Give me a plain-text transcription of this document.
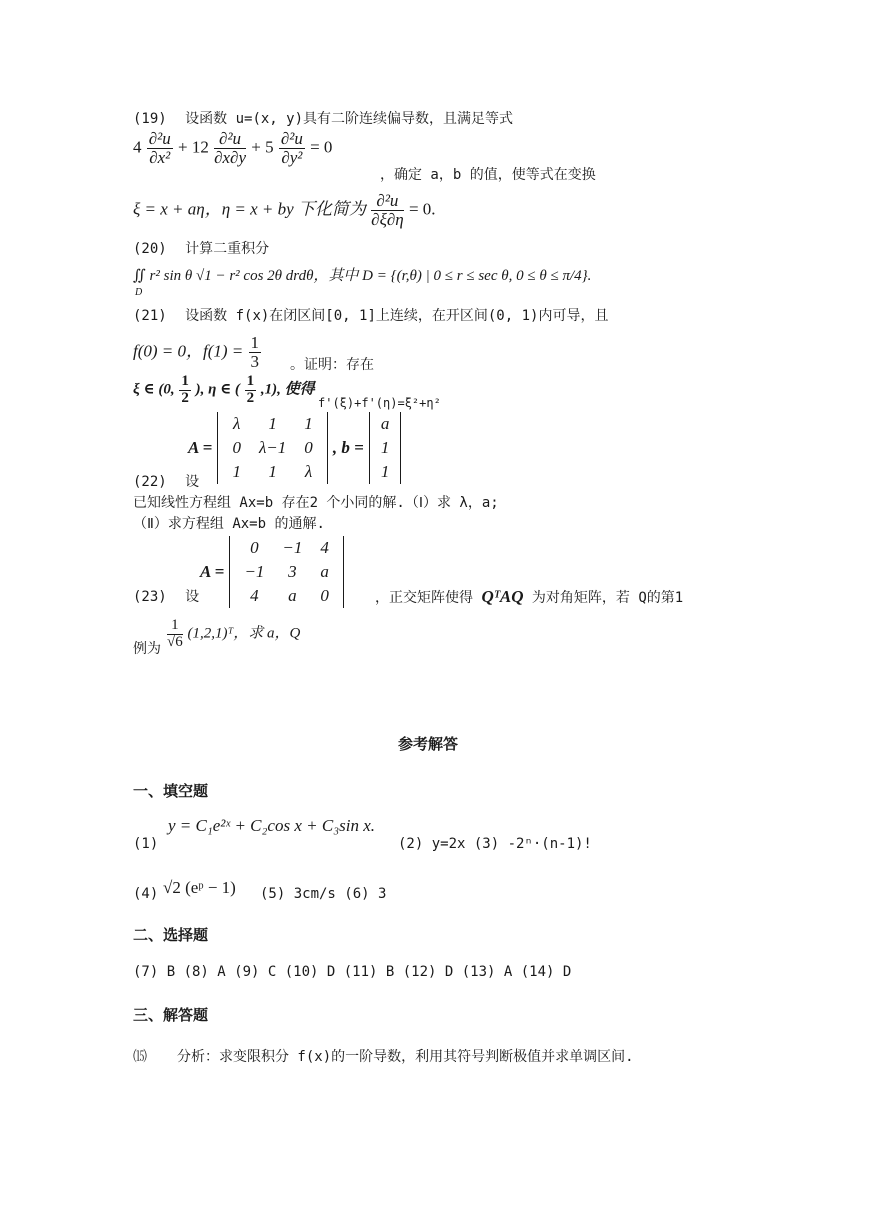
(19) 设函数 u=(x, y)具有二阶连续偏导数，且满足等式
$4 \frac{\text{∂²u}}{\text{∂x²}} + 12 \frac{\text{∂²u}}{\partial x\partial y} + 5 \frac{\text{∂²u}}{\text{∂y²}} = 0$
，确定 a，b 的值，使等式在变换
ξ = x + aη，η = x + by 下化简为 $\frac{\text{∂²u}}{\partial\xi\partial\eta} = 0$.
(20) 计算二重积分
∬ r² sin θ √1 − r² cos 2θ drdθ，其中 D = {(r,θ) | 0 ≤ r ≤ sec θ, 0 ≤ θ ≤ π/4}.
D
(21) 设函数 f(x)在闭区间[0, 1]上连续，在开区间(0, 1)内可导，且
f(0) = 0，$f(1) = \frac{1}{3}$ 。证明：存在
ξ ∈ (0, $\frac{1}{2}$ ), η ∈ ( $\frac{1}{2} ,1$), 使得
f'(ξ)+f'(η)=ξ²+η²
A =
λ	1	1
0	λ−1	0
1	1	λ
, b =
a
1
1
(22) 设
已知线性方程组 Ax=b 存在2 个小同的解.（Ⅰ）求 λ，a;
（Ⅱ）求方程组 Ax=b 的通解.
(23) 设
A =
0	−1	4
−1	3	a
4	a	0	，正交矩阵使得 QᵀAQ 为对角矩阵，若 Q的第1
$\frac{1}{√6}$ (1,2,1)ᵀ，求 a，Q
例为
参考解答
一、填空题
y = C₁e²ˣ + C₂cos x + C₃sin x.
(1)	(2) y=2x (3) -2ⁿ·(n-1)!
(4) √2 (eᵖ − 1) (5) 3cm/s (6) 3
二、选择题
(7) B (8) A (9) C (10) D (11) B (12) D (13) A (14) D
三、解答题
⒂ 分析：求变限积分 f(x)的一阶导数，利用其符号判断极值并求单调区间.
